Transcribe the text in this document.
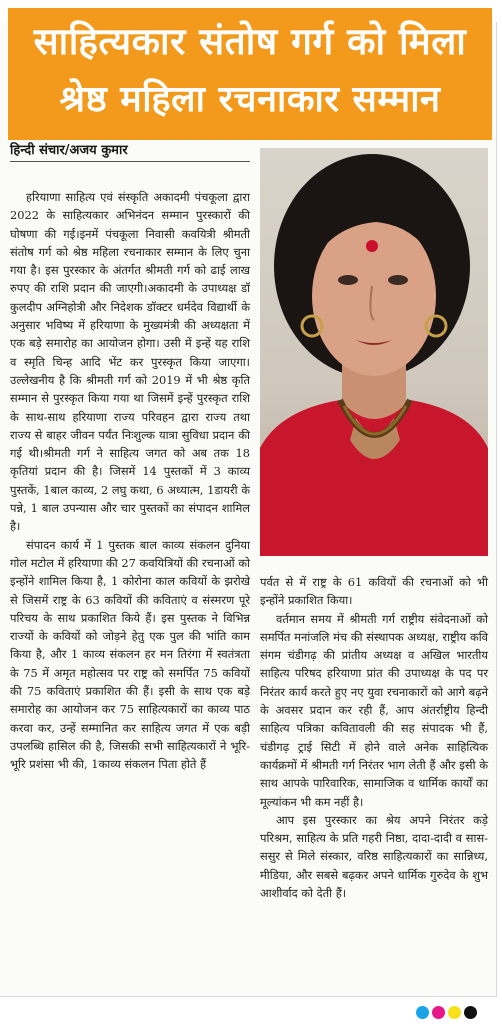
साहित्यकार संतोष गर्ग को मिला
श्रेष्ठ महिला रचनाकार सम्मान
हिन्दी संचार/अजय कुमार

हरियाणा साहित्य एवं संस्कृति अकादमी पंचकूला द्वारा 2022 के साहित्यकार अभिनंदन सम्मान पुरस्कारों की घोषणा की गई।इनमें पंचकूला निवासी कवयित्री श्रीमती संतोष गर्ग को श्रेष्ठ महिला रचनाकार सम्मान के लिए चुना गया है। इस पुरस्कार के अंतर्गत श्रीमती गर्ग को ढाई लाख रुपए की राशि प्रदान की जाएगी।अकादमी के उपाध्यक्ष डॉ कुलदीप अग्निहोत्री और निदेशक डॉक्टर धर्मदेव विद्यार्थी के अनुसार भविष्य में हरियाणा के मुख्यमंत्री की अध्यक्षता में एक बड़े समारोह का आयोजन होगा। उसी में इन्हें यह राशि व स्मृति चिन्ह आदि भेंट कर पुरस्कृत किया जाएगा। उल्लेखनीय है कि श्रीमती गर्ग को 2019 में भी श्रेष्ठ कृति सम्मान से पुरस्कृत किया गया था जिसमें इन्हें पुरस्कृत राशि के साथ-साथ हरियाणा राज्य परिवहन द्वारा राज्य तथा राज्य से बाहर जीवन पर्यंत निःशुल्क यात्रा सुविधा प्रदान की गई थी।श्रीमती गर्ग ने साहित्य जगत को अब तक 18 कृतियां प्रदान की है। जिसमें 14 पुस्तकों में 3 काव्य पुस्तकें, 1बाल काव्य, 2 लघु कथा, 6 अध्यात्म, 1डायरी के पन्ने, 1 बाल उपन्यास और चार पुस्तकों का संपादन शामिल है।

संपादन कार्य में 1 पुस्तक बाल काव्य संकलन दुनिया गोल मटोल में हरियाणा की 27 कवयित्रियों की रचनाओं को इन्होंने शामिल किया है, 1 कोरोना काल कवियों के झरोखे से जिसमें राष्ट्र के 63 कवियों की कविताएं व संस्मरण पूरे परिचय के साथ प्रकाशित किये हैं। इस पुस्तक ने विभिन्न राज्यों के कवियों को जोड़ने हेतु एक पुल की भांति काम किया है, और 1 काव्य संकलन हर मन तिरंगा में स्वतंत्रता के 75 में अमृत महोत्सव पर राष्ट्र को समर्पित 75 कवियों की 75 कविताएं प्रकाशित की हैं। इसी के साथ एक बड़े समारोह का आयोजन कर 75 साहित्यकारों का काव्य पाठ करवा कर, उन्हें सम्मानित कर साहित्य जगत में एक बड़ी उपलब्धि हासिल की है, जिसकी सभी साहित्यकारों ने भूरि- भूरि प्रशंसा भी की, 1काव्य संकलन पिता होते हैं

पर्वत से में राष्ट्र के 61 कवियों की रचनाओं को भी इन्होंने प्रकाशित किया।

वर्तमान समय में श्रीमती गर्ग राष्ट्रीय संवेदनाओं को समर्पित मनांजलि मंच की संस्थापक अध्यक्ष, राष्ट्रीय कवि संगम चंडीगढ़ की प्रांतीय अध्यक्ष व अखिल भारतीय साहित्य परिषद हरियाणा प्रांत की उपाध्यक्ष के पद पर निरंतर कार्य करते हुए नए युवा रचनाकारों को आगे बढ़ने के अवसर प्रदान कर रही हैं, आप अंतर्राष्ट्रीय हिन्दी साहित्य पत्रिका कवितावली की सह संपादक भी हैं, चंडीगढ़ ट्राई सिटी में होने वाले अनेक साहित्यिक कार्यक्रमों में श्रीमती गर्ग निरंतर भाग लेती हैं और इसी के साथ आपके पारिवारिक, सामाजिक व धार्मिक कार्यों का मूल्यांकन भी कम नहीं है।

आप इस पुरस्कार का श्रेय अपने निरंतर कड़े परिश्रम, साहित्य के प्रति गहरी निष्ठा, दादा-दादी व सास- ससुर से मिले संस्कार, वरिष्ठ साहित्यकारों का सान्निध्य, मीडिया, और सबसे बढ़कर अपने धार्मिक गुरुदेव के शुभ आशीर्वाद को देती हैं।
